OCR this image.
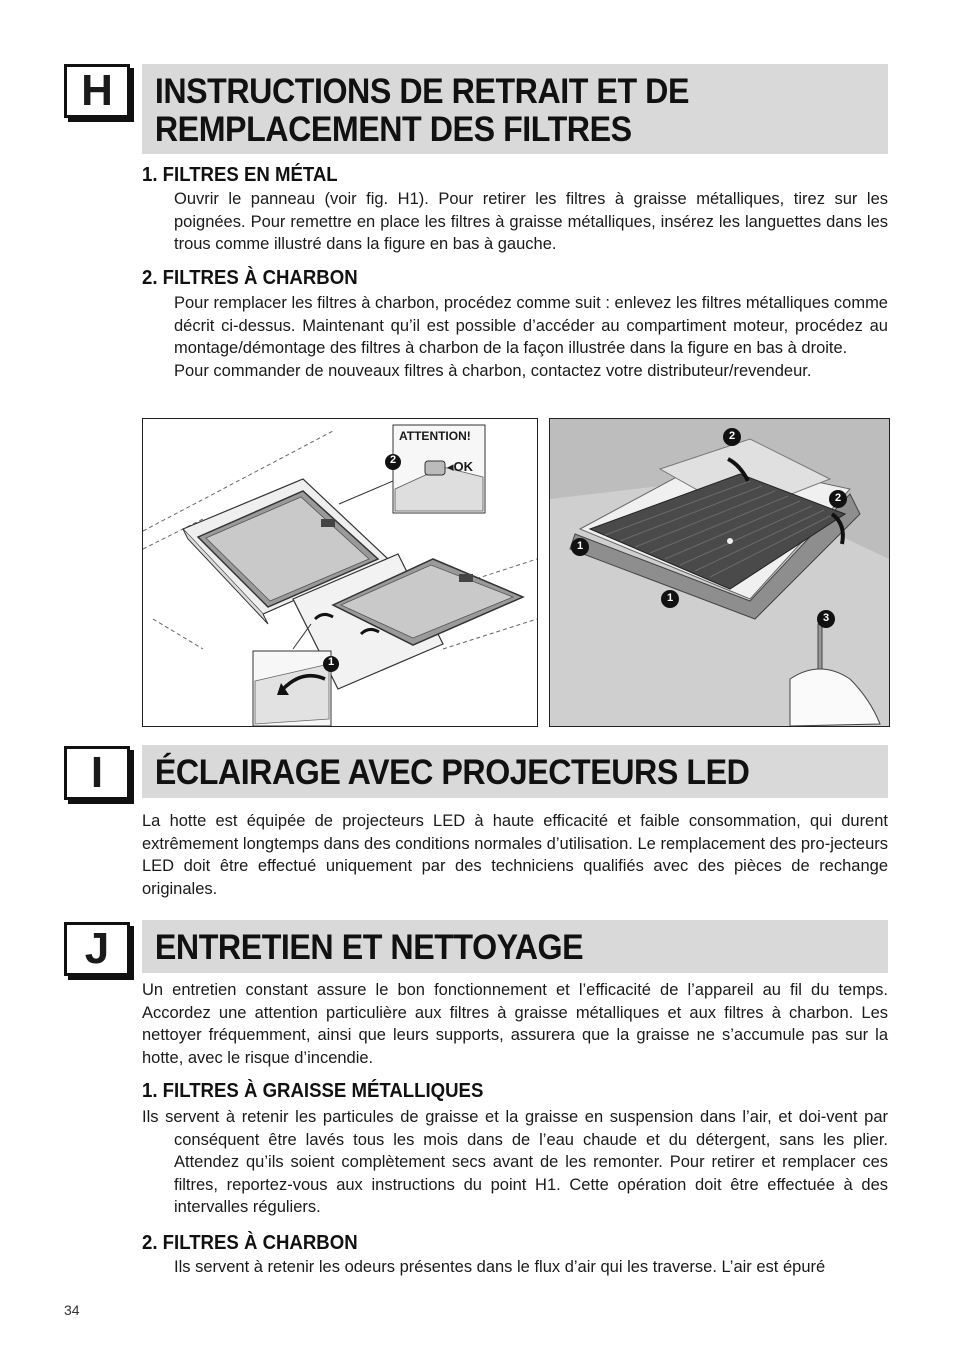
H INSTRUCTIONS DE RETRAIT ET DE
REMPLACEMENT DES FILTRES
1. FILTRES EN MÉTAL

Ouvrir le panneau (voir fig. H1). Pour retirer les filtres à graisse métalliques, tirez sur les poignées. Pour remettre en place les filtres à graisse métalliques, insérez les languettes dans les trous comme illustré dans la figure en bas à gauche.

2. FILTRES À CHARBON

Pour remplacer les filtres à charbon, procédez comme suit : enlevez les filtres métalliques comme décrit ci-dessus. Maintenant qu’il est possible d’accéder au compartiment moteur, procédez au montage/démontage des filtres à charbon de la façon illustrée dans la figure en bas à droite.

Pour commander de nouveaux filtres à charbon, contactez votre distributeur/revendeur.

ATTENTION!
◂OK
2
1
2
2
1
1
3
I	ÉCLAIRAGE AVEC PROJECTEURS LED

La hotte est équipée de projecteurs LED à haute efficacité et faible consommation, qui durent extrêmement longtemps dans des conditions normales d’utilisation. Le remplacement des pro-jecteurs LED doit être effectué uniquement par des techniciens qualifiés avec des pièces de rechange originales.

J	ENTRETIEN ET NETTOYAGE

Un entretien constant assure le bon fonctionnement et l’efficacité de l’appareil au fil du temps. Accordez une attention particulière aux filtres à graisse métalliques et aux filtres à charbon. Les nettoyer fréquemment, ainsi que leurs supports, assurera que la graisse ne s’accumule pas sur la hotte, avec le risque d’incendie.

1. FILTRES À GRAISSE MÉTALLIQUES

Ils servent à retenir les particules de graisse et la graisse en suspension dans l’air, et doi-vent par conséquent être lavés tous les mois dans de l’eau chaude et du détergent, sans les plier. Attendez qu’ils soient complètement secs avant de les remonter. Pour retirer et remplacer ces filtres, reportez-vous aux instructions du point H1. Cette opération doit être effectuée à des intervalles réguliers.

2. FILTRES À CHARBON

Ils servent à retenir les odeurs présentes dans le flux d’air qui les traverse. L’air est épuré

34
